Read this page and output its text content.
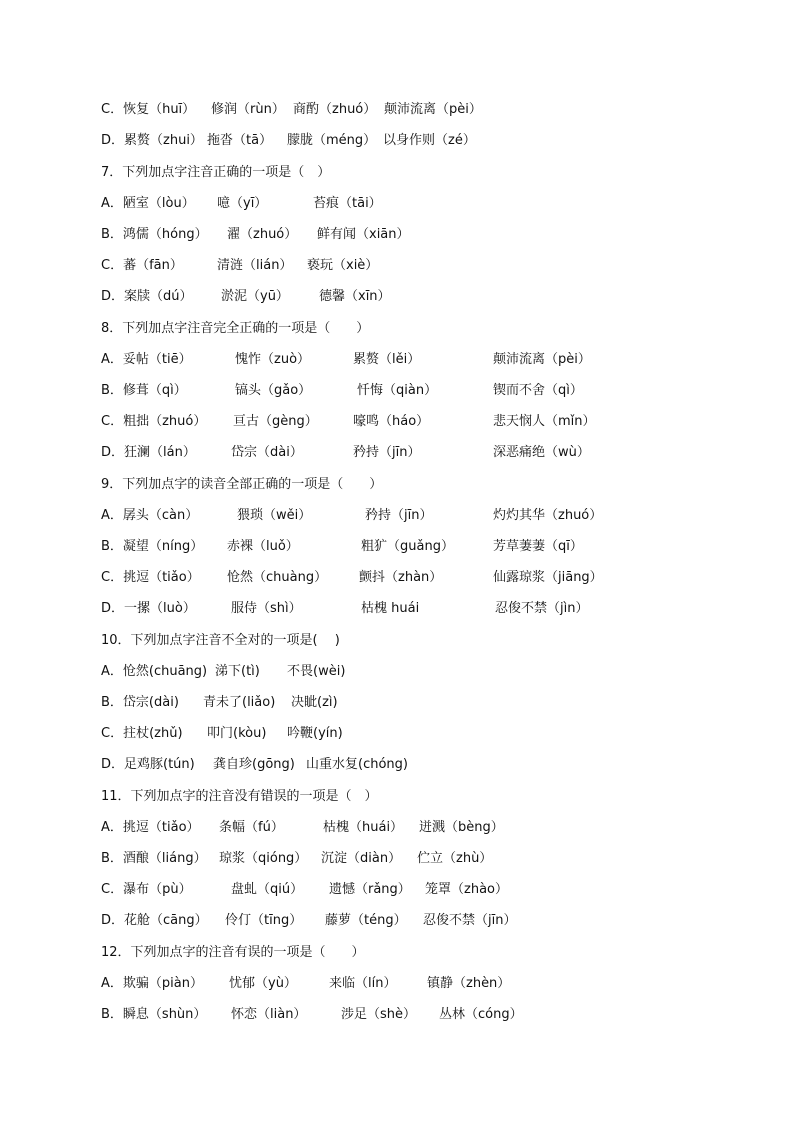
C．恢复（huī） 修润（rùn） 商酌（zhuó） 颠沛流离（pèi）
D．累赘（zhui） 拖沓（tā） 朦胧（méng） 以身作则（zé）
7．下列加点字注音正确的一项是（　）
A．陋室（lòu） 噫（yī）	苔痕（tāi）
B．鸿儒（hóng） 濯（zhuó） 鲜有闻（xiān）
C．蕃（fān）	清涟（lián） 亵玩（xiè）
D．案牍（dú） 淤泥（yū） 德馨（xīn）
8．下列加点字注音完全正确的一项是（　　）
A．妥帖（tiē）	愧怍（zuò）	累赘（lěi）	颠沛流离（pèi）
B．修葺（qì）	镐头（gǎo）	忏悔（qiàn）	锲而不舍（qì）
C．粗拙（zhuó） 亘古（gèng）	嚎鸣（háo）	悲天悯人（mǐn）
D．狂澜（lán）	岱宗（dài）	矜持（jīn）	深恶痛绝（wù）
9．下列加点字的读音全部正确的一项是（　　）
A．孱头（càn）	猥琐（wěi）	矜持（jīn）	灼灼其华（zhuó）
B．凝望（níng） 赤裸（luǒ）	粗犷（guǎng）	芳草萋萋（qī）
C．挑逗（tiǎo） 怆然（chuàng） 颤抖（zhàn）	仙露琼浆（jiāng）
D．一摞（luò）	服侍（shì）	枯槐 huái	忍俊不禁（jìn）
10．下列加点字注音不全对的一项是(　 )
A．怆然(chuāng) 涕下(tì) 不畏(wèi)
B．岱宗(dài) 青未了(liǎo) 决眦(zì)
C．拄杖(zhǔ) 叩门(kòu) 吟鞭(yín)
D．足鸡豚(tún) 龚自珍(gōng) 山重水复(chóng)
11．下列加点字的注音没有错误的一项是（　）
A．挑逗（tiǎo） 条幅（fú）	枯槐（huái） 迸溅（bèng）
B．酒酿（liáng） 琼浆（qióng） 沉淀（diàn） 伫立（zhù）
C．瀑布（pù）	盘虬（qiú） 遗憾（rǎng） 笼罩（zhào）
D．花舱（cāng） 伶仃（tīng） 藤萝（téng） 忍俊不禁（jīn）
12．下列加点字的注音有误的一项是（　　）
A．欺骗（piàn） 忧郁（yù） 来临（lín） 镇静（zhèn）
B．瞬息（shùn） 怀恋（liàn）	涉足（shè） 丛林（cóng）
